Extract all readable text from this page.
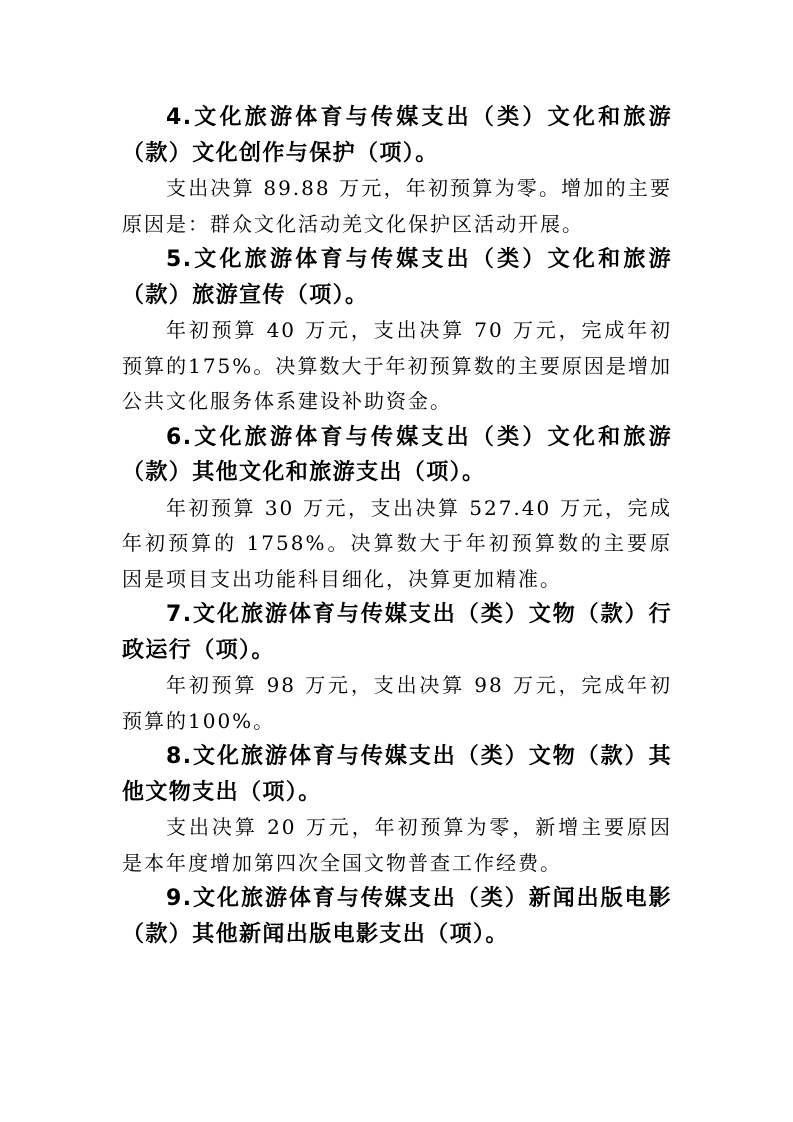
4.文化旅游体育与传媒支出（类）文化和旅游（款）文化创作与保护（项）。

支出决算 89.88 万元，年初预算为零。增加的主要原因是：群众文化活动羌文化保护区活动开展。

5.文化旅游体育与传媒支出（类）文化和旅游（款）旅游宣传（项）。

年初预算 40 万元，支出决算 70 万元，完成年初预算的175%。决算数大于年初预算数的主要原因是增加公共文化服务体系建设补助资金。

6.文化旅游体育与传媒支出（类）文化和旅游（款）其他文化和旅游支出（项）。

年初预算 30 万元，支出决算 527.40 万元，完成年初预算的 1758%。决算数大于年初预算数的主要原因是项目支出功能科目细化，决算更加精准。

7.文化旅游体育与传媒支出（类）文物（款）行政运行（项）。

年初预算 98 万元，支出决算 98 万元，完成年初预算的100%。

8.文化旅游体育与传媒支出（类）文物（款）其他文物支出（项）。

支出决算 20 万元，年初预算为零，新增主要原因是本年度增加第四次全国文物普查工作经费。

9.文化旅游体育与传媒支出（类）新闻出版电影（款）其他新闻出版电影支出（项）。
